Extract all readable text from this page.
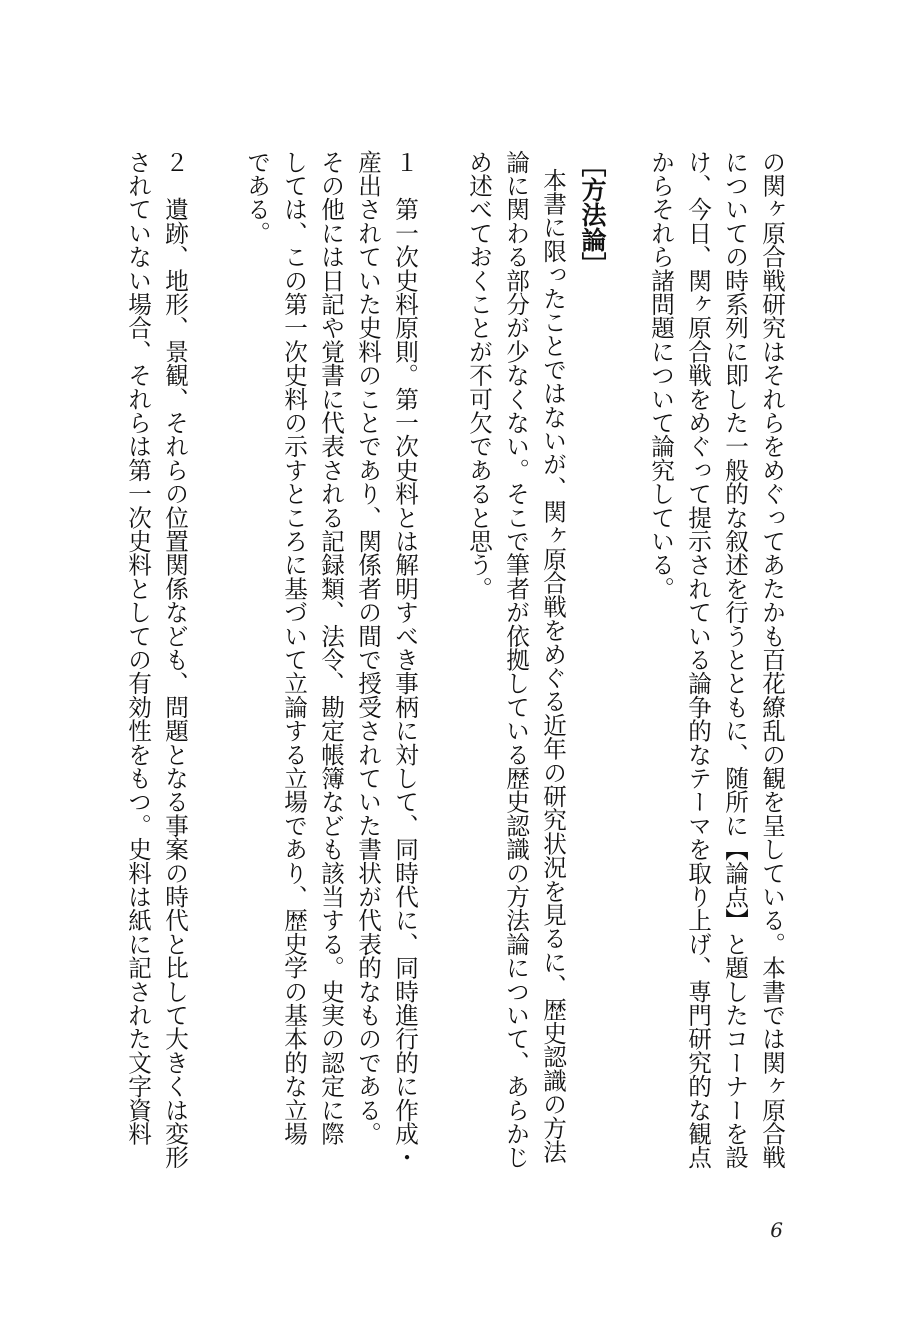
の関ヶ原合戦研究はそれらをめぐってあたかも百花繚乱の観を呈している。本書では関ヶ原合戦
についての時系列に即した一般的な叙述を行うとともに、随所に【論点】と題したコーナーを設
け、今日、関ヶ原合戦をめぐって提示されている論争的なテーマを取り上げ、専門研究的な観点
からそれら諸問題について論究している。
［方法論］
本書に限ったことではないが、関ヶ原合戦をめぐる近年の研究状況を見るに、歴史認識の方法
論に関わる部分が少なくない。そこで筆者が依拠している歴史認識の方法論について、あらかじ
め述べておくことが不可欠であると思う。
１　第一次史料原則。第一次史料とは解明すべき事柄に対して、同時代に、同時進行的に作成・
産出されていた史料のことであり、関係者の間で授受されていた書状が代表的なものである。
その他には日記や覚書に代表される記録類、法令、勘定帳簿なども該当する。史実の認定に際
しては、この第一次史料の示すところに基づいて立論する立場であり、歴史学の基本的な立場
である。
２　遺跡、地形、景観、それらの位置関係なども、問題となる事案の時代と比して大きくは変形
されていない場合、それらは第一次史料としての有効性をもつ。史料は紙に記された文字資料
6
